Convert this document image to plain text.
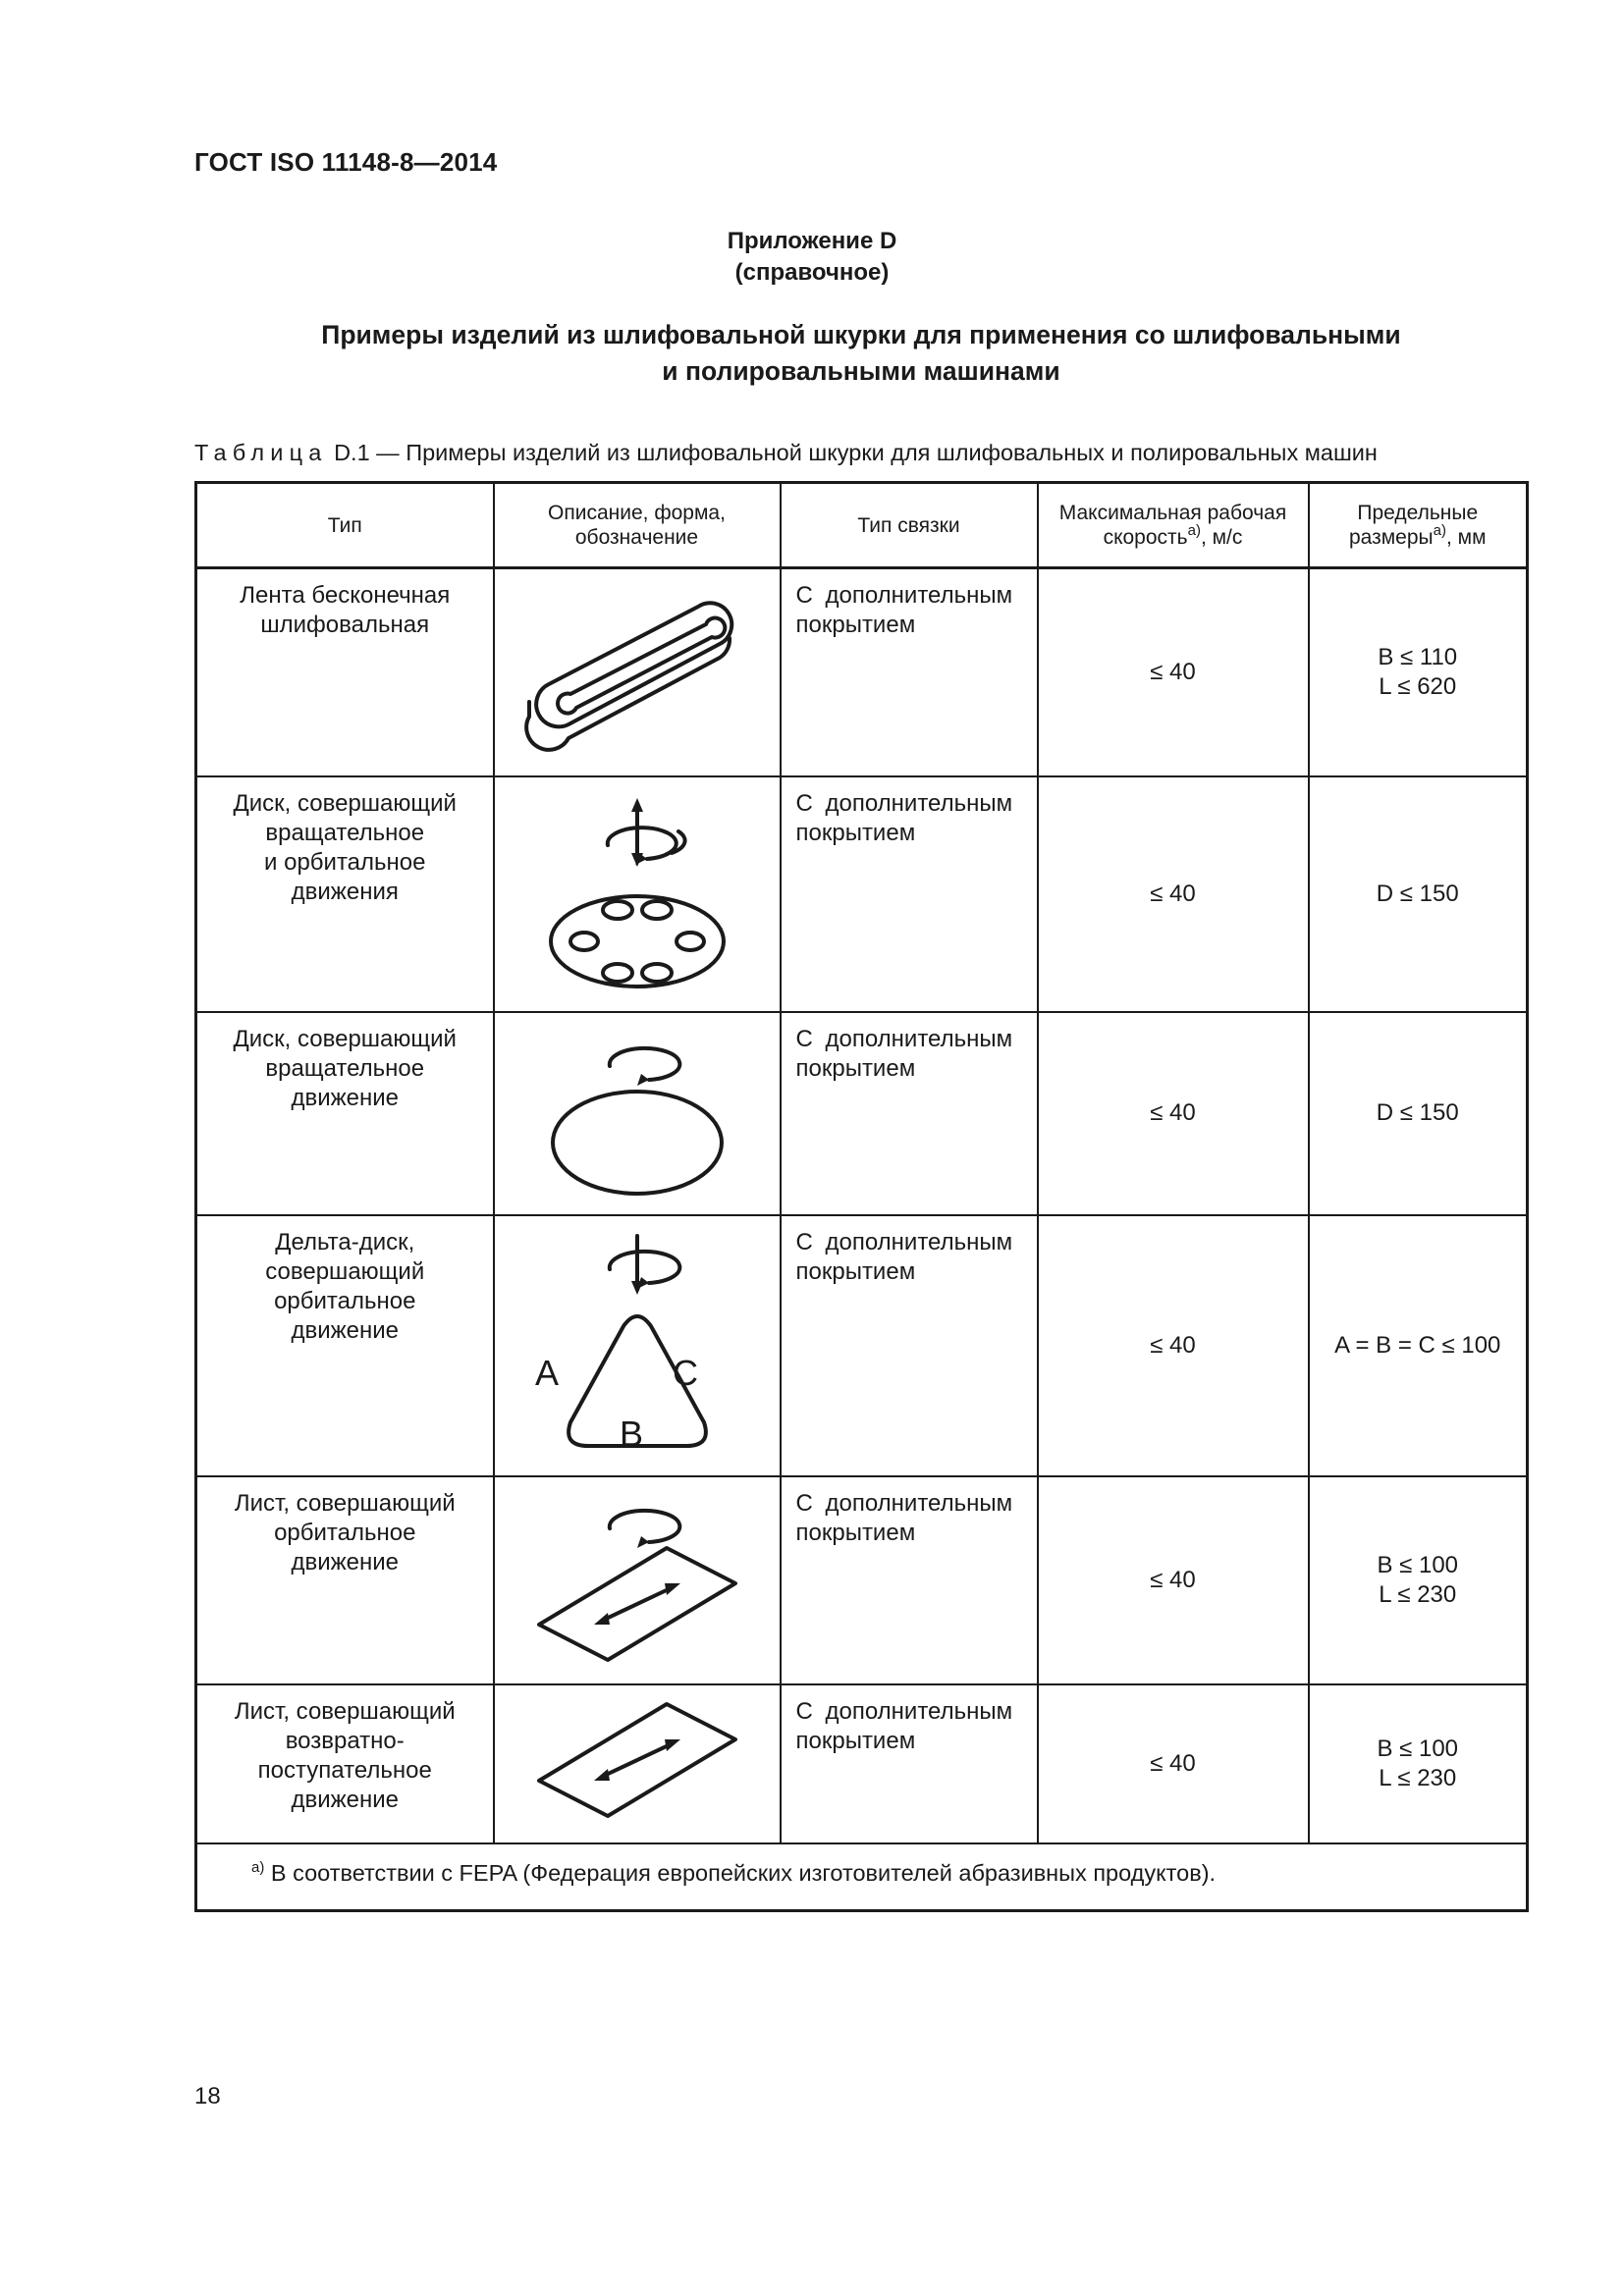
ГОСТ ISO 11148-8—2014
Приложение D
(справочное)
Примеры изделий из шлифовальной шкурки для применения со шлифовальными
и полировальными машинами
Таблица D.1 — Примеры изделий из шлифовальной шкурки для шлифовальных и полировальных машин
Тип	Описание, форма,
обозначение	Тип связки	Максимальная рабочая
скорость$^{а)}$, м/с	Предельные
размеры$^{а)}$, мм

Лента бесконечная
шлифовальная		С дополнительным
покрытием	≤ 40	B ≤ 110
L ≤ 620

Диск, совершающий
вращательное
и орбитальное
движения		С дополнительным
покрытием	≤ 40	D ≤ 150

Диск, совершающий
вращательное
движение		С дополнительным
покрытием	≤ 40	D ≤ 150

Дельта-диск,
совершающий
орбитальное
движение	A
B
C	С дополнительным
покрытием	≤ 40	A = B = C ≤ 100

Лист, совершающий
орбитальное
движение		С дополнительным
покрытием	≤ 40	B ≤ 100
L ≤ 230

Лист, совершающий
возвратно-
поступательное
движение		С дополнительным
покрытием	≤ 40	B ≤ 100
L ≤ 230

$^{а)}$ В соответствии с FEPA (Федерация европейских изготовителей абразивных продуктов).				
18
